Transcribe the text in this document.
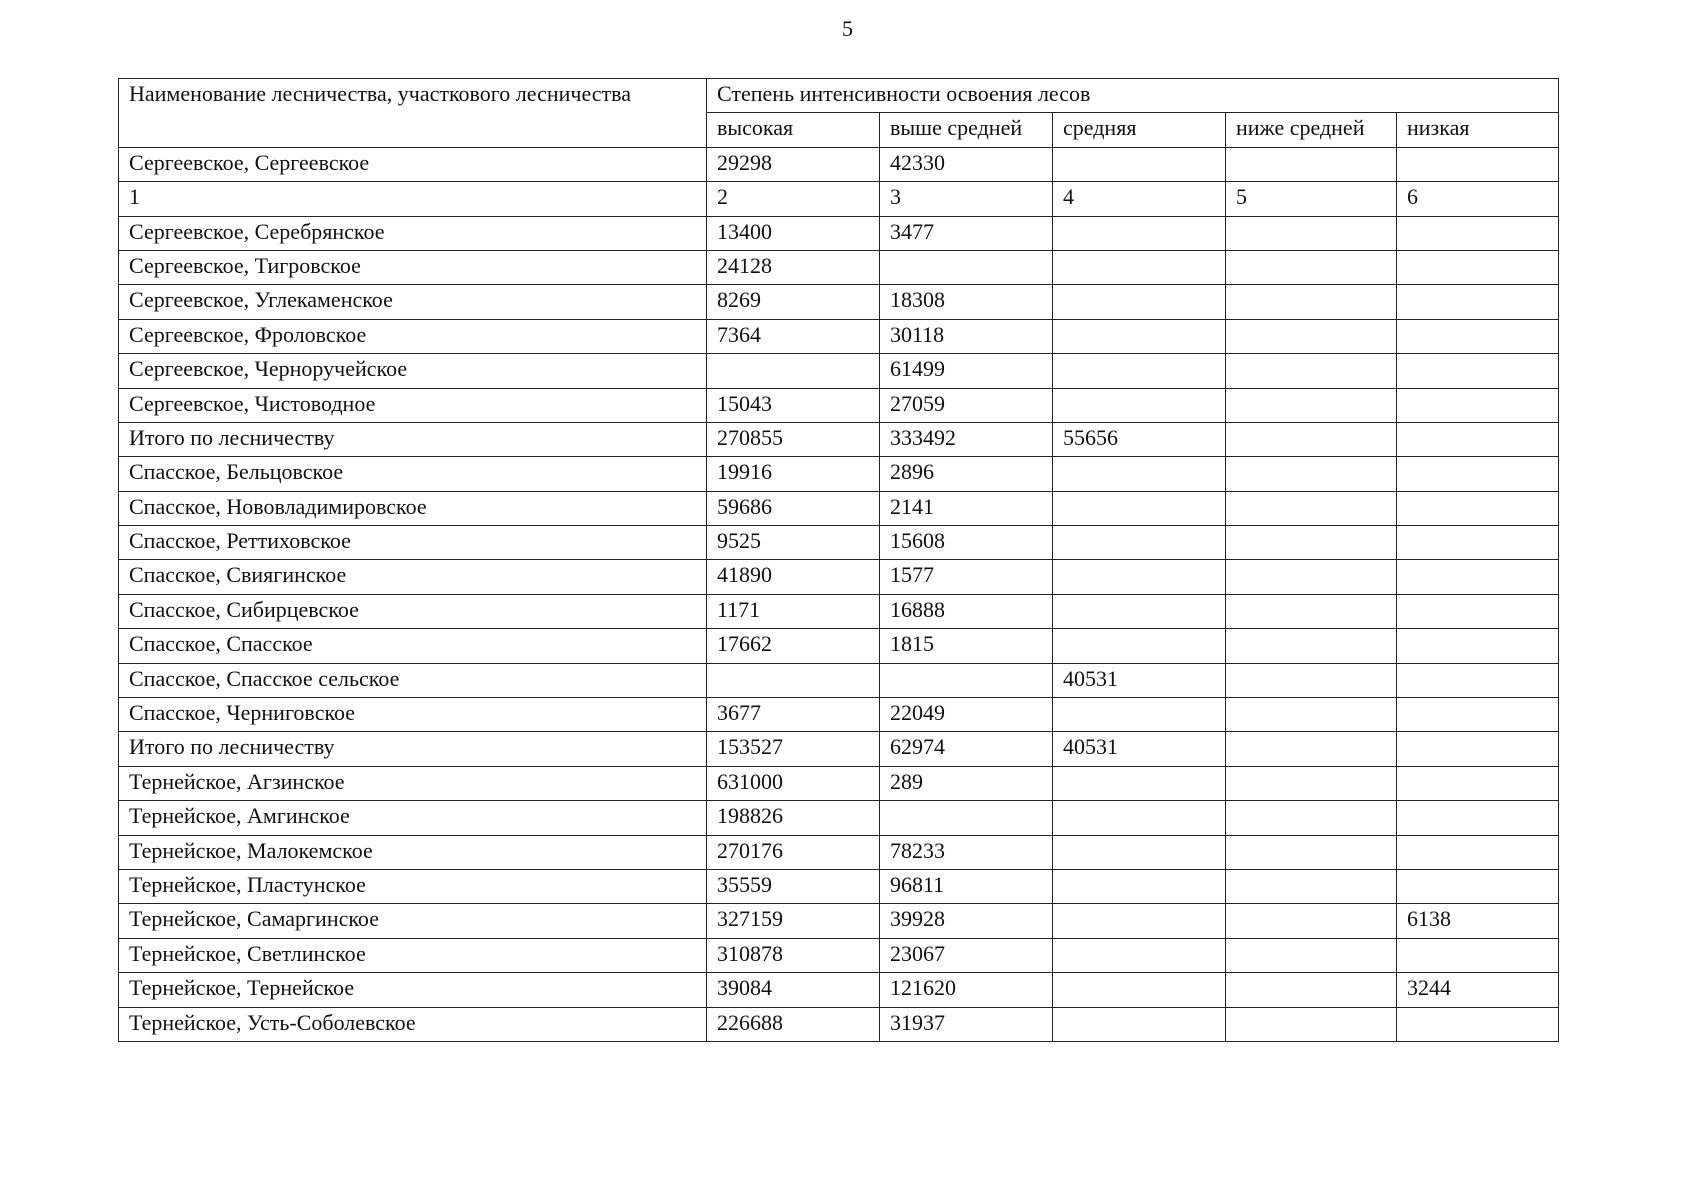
5
Наименование лесничества, участкового лесничества	Степень интенсивности освоения лесов				
	высокая	выше средней	средняя	ниже средней	низкая
Сергеевское, Сергеевское	29298	42330			
1	2	3	4	5	6
Сергеевское, Серебрянское	13400	3477			
Сергеевское, Тигровское	24128				
Сергеевское, Углекаменское	8269	18308			
Сергеевское, Фроловское	7364	30118			
Сергеевское, Черноручейское		61499			
Сергеевское, Чистоводное	15043	27059			
Итого по лесничеству	270855	333492	55656		
Спасское, Бельцовское	19916	2896			
Спасское, Нововладимировское	59686	2141			
Спасское, Реттиховское	9525	15608			
Спасское, Свиягинское	41890	1577			
Спасское, Сибирцевское	1171	16888			
Спасское, Спасское	17662	1815			
Спасское, Спасское сельское			40531		
Спасское, Черниговское	3677	22049			
Итого по лесничеству	153527	62974	40531		
Тернейское, Агзинское	631000	289			
Тернейское, Амгинское	198826				
Тернейское, Малокемское	270176	78233			
Тернейское, Пластунское	35559	96811			
Тернейское, Самаргинское	327159	39928			6138
Тернейское, Светлинское	310878	23067			
Тернейское, Тернейское	39084	121620			3244
Тернейское, Усть-Соболевское	226688	31937			
